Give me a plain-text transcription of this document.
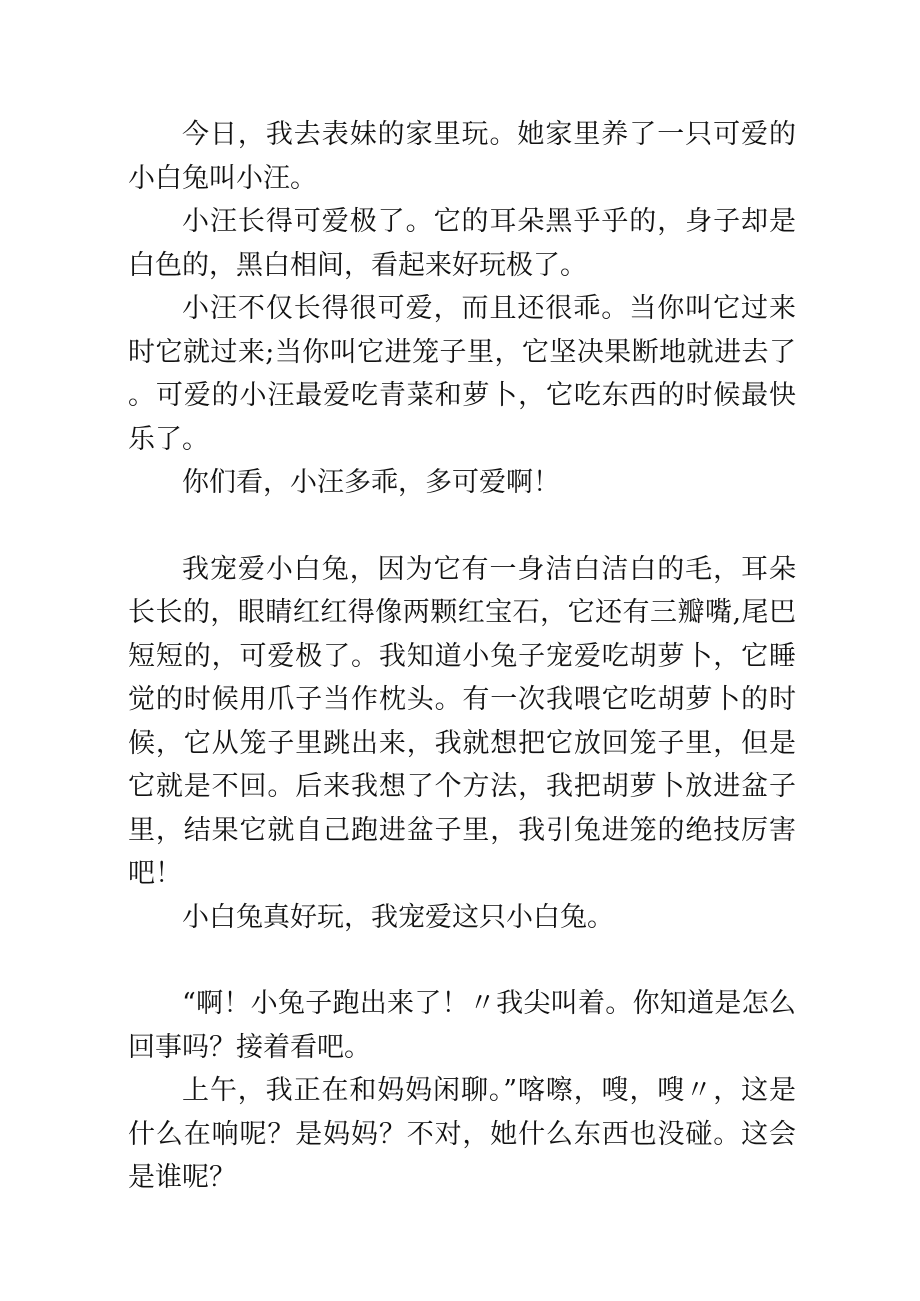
今日，我去表妹的家里玩。她家里养了一只可爱的小白兔叫小汪。

小汪长得可爱极了。它的耳朵黑乎乎的，身子却是白色的，黑白相间，看起来好玩极了。

小汪不仅长得很可爱，而且还很乖。当你叫它过来时它就过来;当你叫它进笼子里，它坚决果断地就进去了。可爱的小汪最爱吃青菜和萝卜，它吃东西的时候最快乐了。

你们看，小汪多乖，多可爱啊！

我宠爱小白兔，因为它有一身洁白洁白的毛，耳朵长长的，眼睛红红得像两颗红宝石，它还有三瓣嘴,尾巴短短的，可爱极了。我知道小兔子宠爱吃胡萝卜，它睡觉的时候用爪子当作枕头。有一次我喂它吃胡萝卜的时候，它从笼子里跳出来，我就想把它放回笼子里，但是它就是不回。后来我想了个方法，我把胡萝卜放进盆子里，结果它就自己跑进盆子里，我引兔进笼的绝技厉害吧！

小白兔真好玩，我宠爱这只小白兔。

“啊！小兔子跑出来了！〃我尖叫着。你知道是怎么回事吗？接着看吧。

上午，我正在和妈妈闲聊。”喀嚓，嗖，嗖〃，这是什么在响呢？是妈妈？不对，她什么东西也没碰。这会是谁呢？
